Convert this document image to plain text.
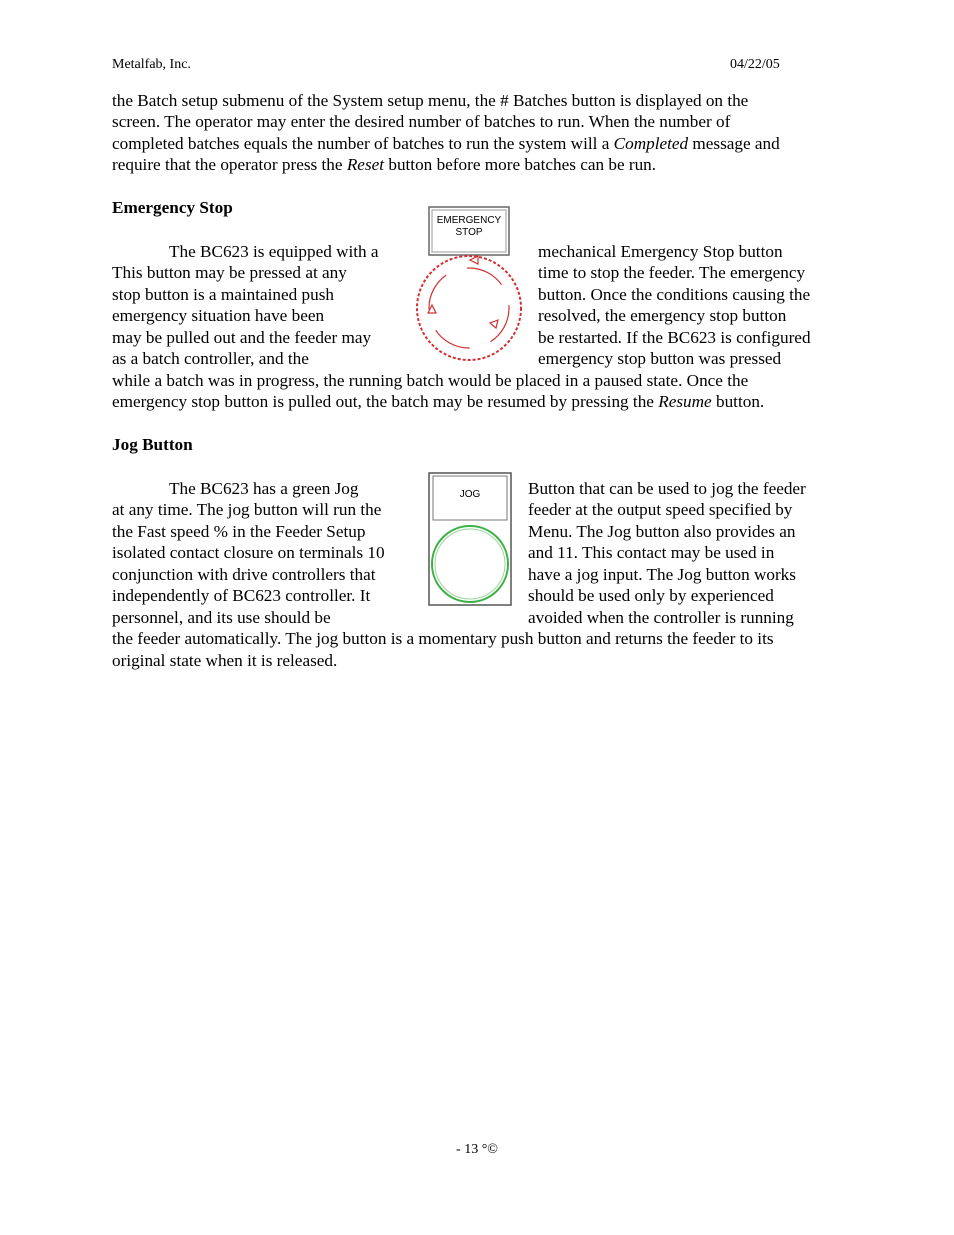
Metalfab, Inc.	04/22/05
the Batch setup submenu of the System setup menu, the # Batches button is displayed on the
screen. The operator may enter the desired number of batches to run. When the number of
completed batches equals the number of batches to run the system will a Completed message and
require that the operator press the Reset button before more batches can be run.
Emergency Stop
EMERGENCY
STOP
The BC623 is equipped with a
This button may be pressed at any
stop button is a maintained push
emergency situation have been
may be pulled out and the feeder may
as a batch controller, and the
mechanical Emergency Stop button
time to stop the feeder. The emergency
button. Once the conditions causing the
resolved, the emergency stop button
be restarted. If the BC623 is configured
emergency stop button was pressed
while a batch was in progress, the running batch would be placed in a paused state. Once the
emergency stop button is pulled out, the batch may be resumed by pressing the Resume button.
Jog Button
JOG
The BC623 has a green Jog
at any time. The jog button will run the
the Fast speed % in the Feeder Setup
isolated contact closure on terminals 10
conjunction with drive controllers that
independently of BC623 controller. It
personnel, and its use should be
Button that can be used to jog the feeder
feeder at the output speed specified by
Menu. The Jog button also provides an
and 11. This contact may be used in
have a jog input. The Jog button works
should be used only by experienced
avoided when the controller is running
the feeder automatically. The jog button is a momentary push button and returns the feeder to its
original state when it is released.
- 13 °©
